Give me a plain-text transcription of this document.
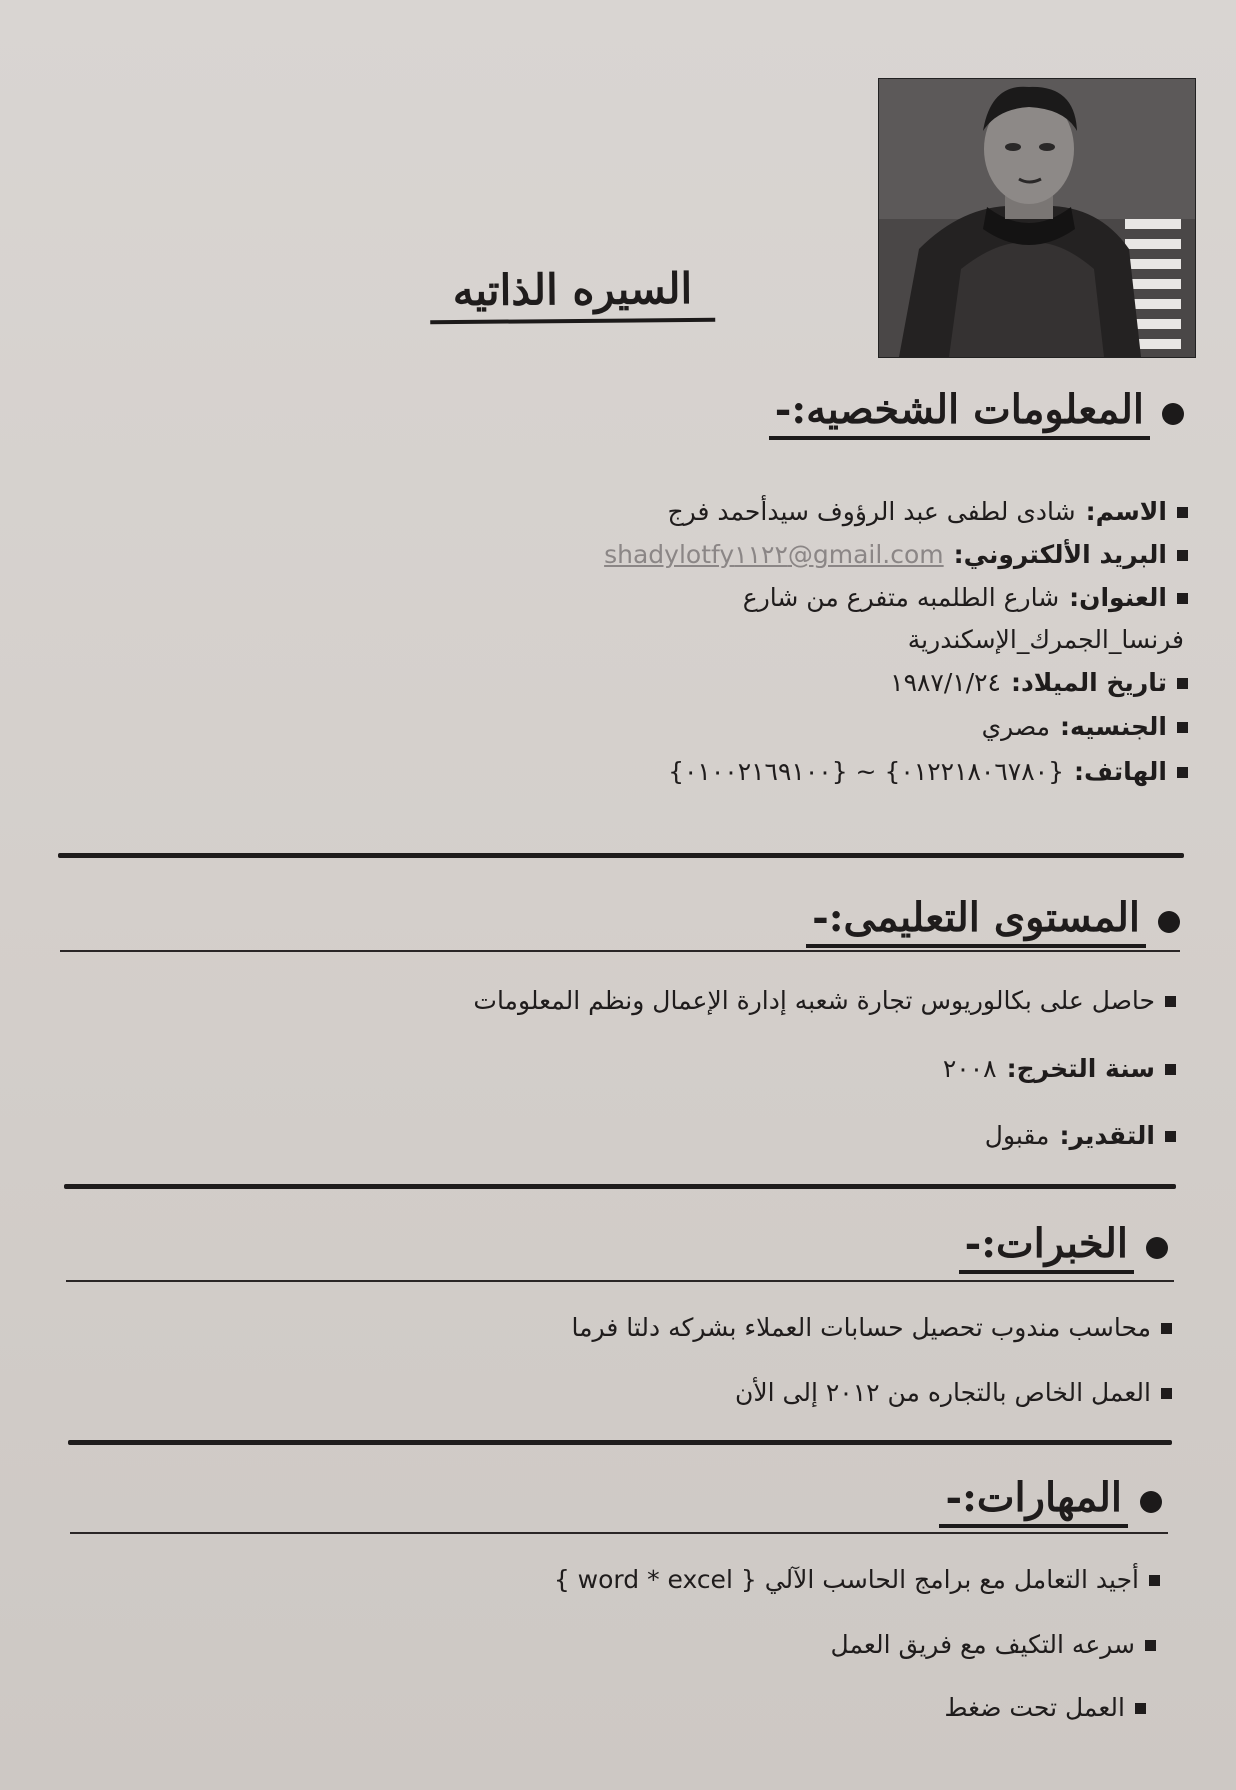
السيره الذاتيه
المعلومات الشخصيه:-
الاسم:
شادى لطفى عبد الرؤوف سيدأحمد فرج
البريد الألكتروني:
shadylotfy١١٢٢@gmail.com
العنوان:
شارع الطلمبه متفرع من شارع
فرنسا_الجمرك_الإسكندرية
تاريخ الميلاد:
١٩٨٧/١/٢٤
الجنسيه:
مصري
الهاتف:
{٠١٢٢١٨٠٦٧٨٠} ~ {٠١٠٠٢١٦٩١٠٠}
المستوى التعليمى:-
حاصل على بكالوريوس تجارة شعبه إدارة الإعمال ونظم المعلومات
سنة التخرج:
٢٠٠٨
التقدير:
مقبول
الخبرات:-
محاسب مندوب تحصيل حسابات العملاء بشركه دلتا فرما
العمل الخاص بالتجاره من ٢٠١٢ إلى الأن
المهارات:-
أجيد التعامل مع برامج الحاسب الآلي { word * excel }
سرعه التكيف مع فريق العمل
العمل تحت ضغط
